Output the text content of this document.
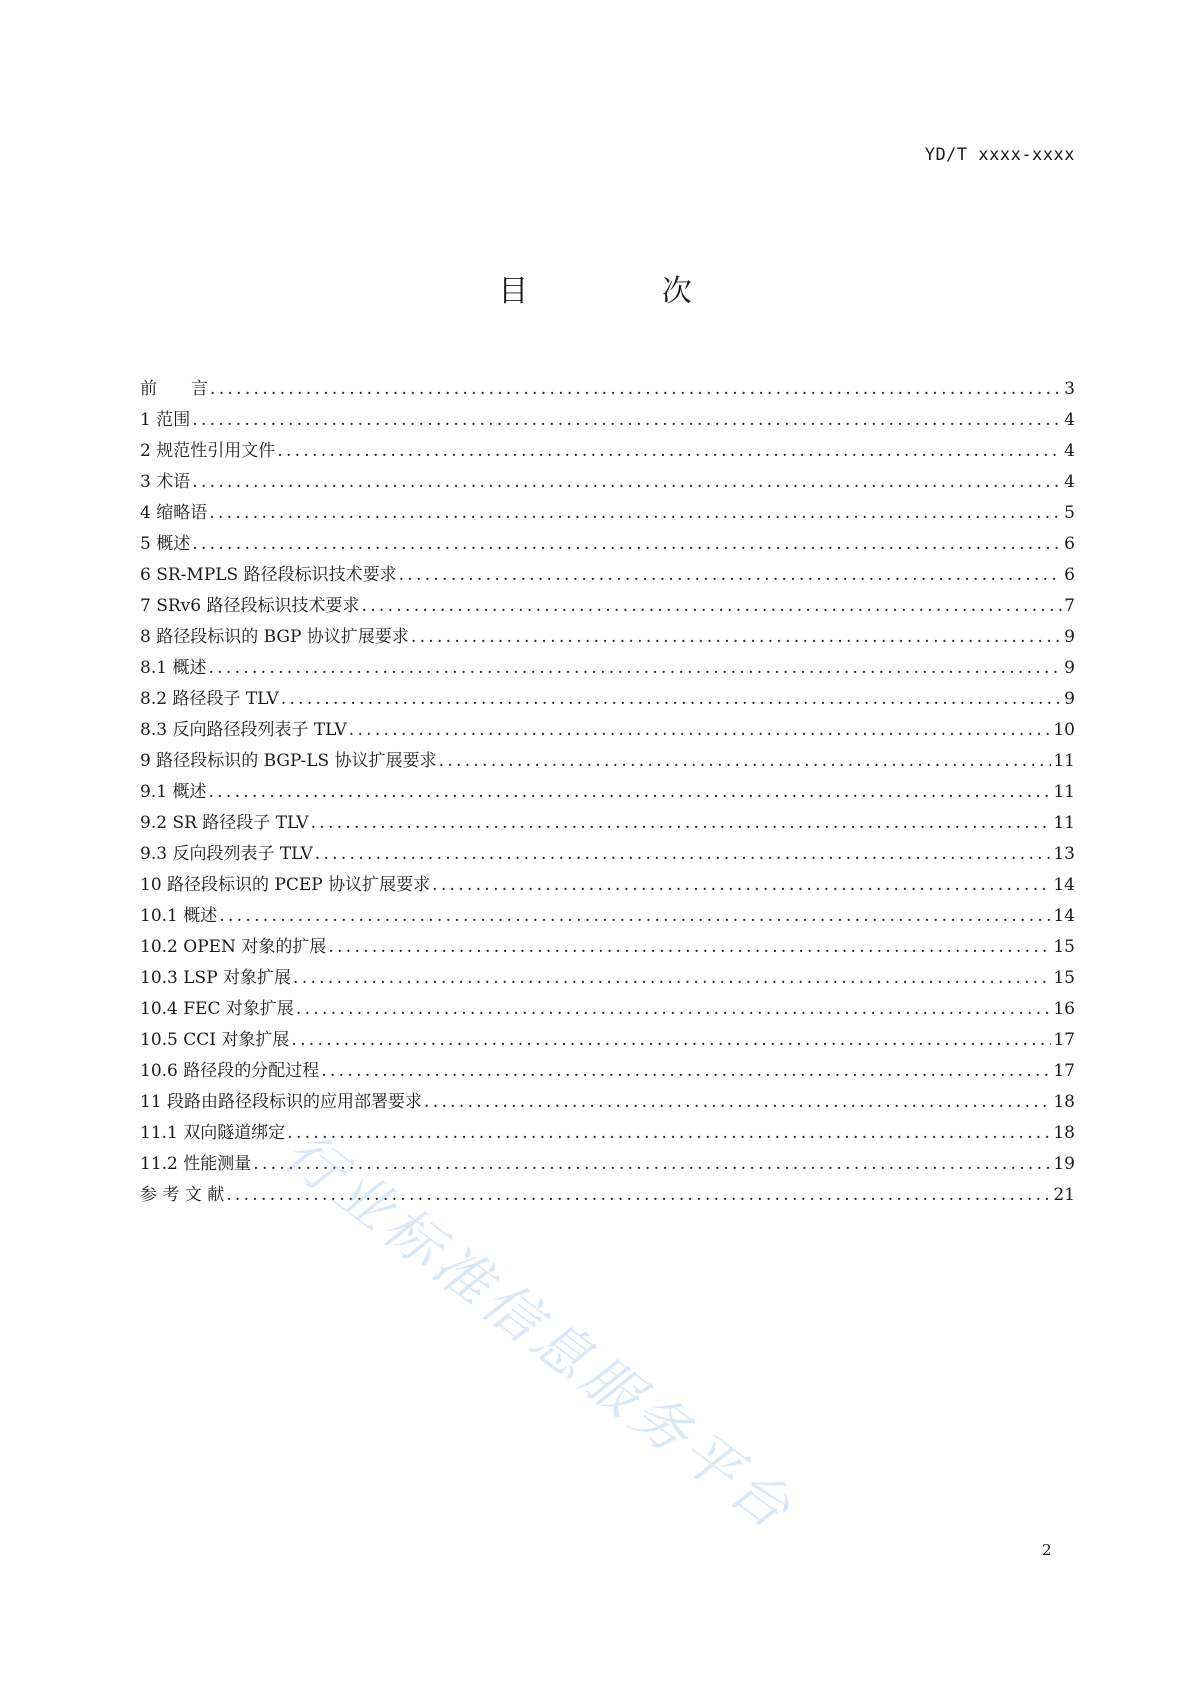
YD/T xxxx-xxxx
目 次
前　　言 .....	3
1 范围 .....	4
2 规范性引用文件 .....	4
3 术语 .....	4
4 缩略语 .....	5
5 概述 .....	6
6 SR-MPLS 路径段标识技术要求 .....	6
7 SRv6 路径段标识技术要求 .....	7
8 路径段标识的 BGP 协议扩展要求 .....	9
8.1 概述 .....	9
8.2 路径段子 TLV .....	9
8.3 反向路径段列表子 TLV .....	10
9 路径段标识的 BGP-LS 协议扩展要求 .....	11
9.1 概述 .....	11
9.2 SR 路径段子 TLV .....	11
9.3 反向段列表子 TLV .....	13
10 路径段标识的 PCEP 协议扩展要求 .....	14
10.1 概述 .....	14
10.2 OPEN 对象的扩展 .....	15
10.3 LSP 对象扩展 .....	15
10.4 FEC 对象扩展 .....	16
10.5 CCI 对象扩展 .....	17
10.6 路径段的分配过程 .....	17
11 段路由路径段标识的应用部署要求 .....	18
11.1 双向隧道绑定 .....	18
11.2 性能测量 .....	19
参 考 文 献 .....	21
行业标准信息服务平台
2
